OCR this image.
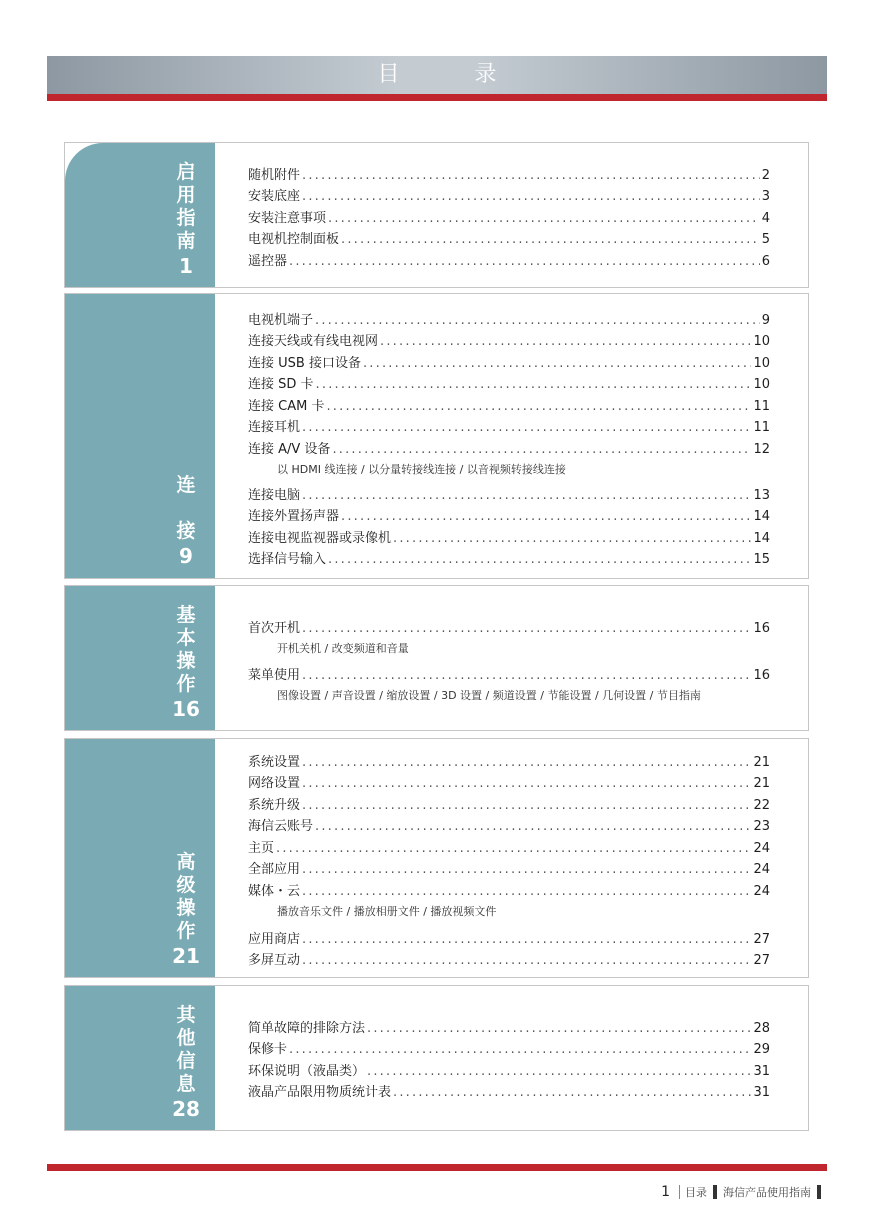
目 录
启
用
指
南
1
随机附件 .....	2
安装底座 .....	3
安装注意事项 .....	4
电视机控制面板 .....	5
遥控器 .....	6
连
接
9
电视机端子 .....	9
连接天线或有线电视网 .....	10
连接 USB 接口设备 .....	10
连接 SD 卡 .....	10
连接 CAM 卡 .....	11
连接耳机 .....	11
连接 A/V 设备 .....	12
以 HDMI 线连接 / 以分量转接线连接 / 以音视频转接线连接
连接电脑 .....	13
连接外置扬声器 .....	14
连接电视监视器或录像机 .....	14
选择信号输入 .....	15
基
本
操
作
16
首次开机 .....	16
开机关机 / 改变频道和音量
菜单使用 .....	16
图像设置 / 声音设置 / 缩放设置 / 3D 设置 / 频道设置 / 节能设置 / 几何设置 / 节目指南
高
级
操
作
21
系统设置 .....	21
网络设置 .....	21
系统升级 .....	22
海信云账号 .....	23
主页 .....	24
全部应用 .....	24
媒体・云 .....	24
播放音乐文件 / 播放相册文件 / 播放视频文件
应用商店 .....	27
多屏互动 .....	27
其
他
信
息
28
简单故障的排除方法 .....	28
保修卡 .....	29
环保说明（液晶类） .....	31
液晶产品限用物质统计表 .....	31
1 目录 海信产品使用指南
